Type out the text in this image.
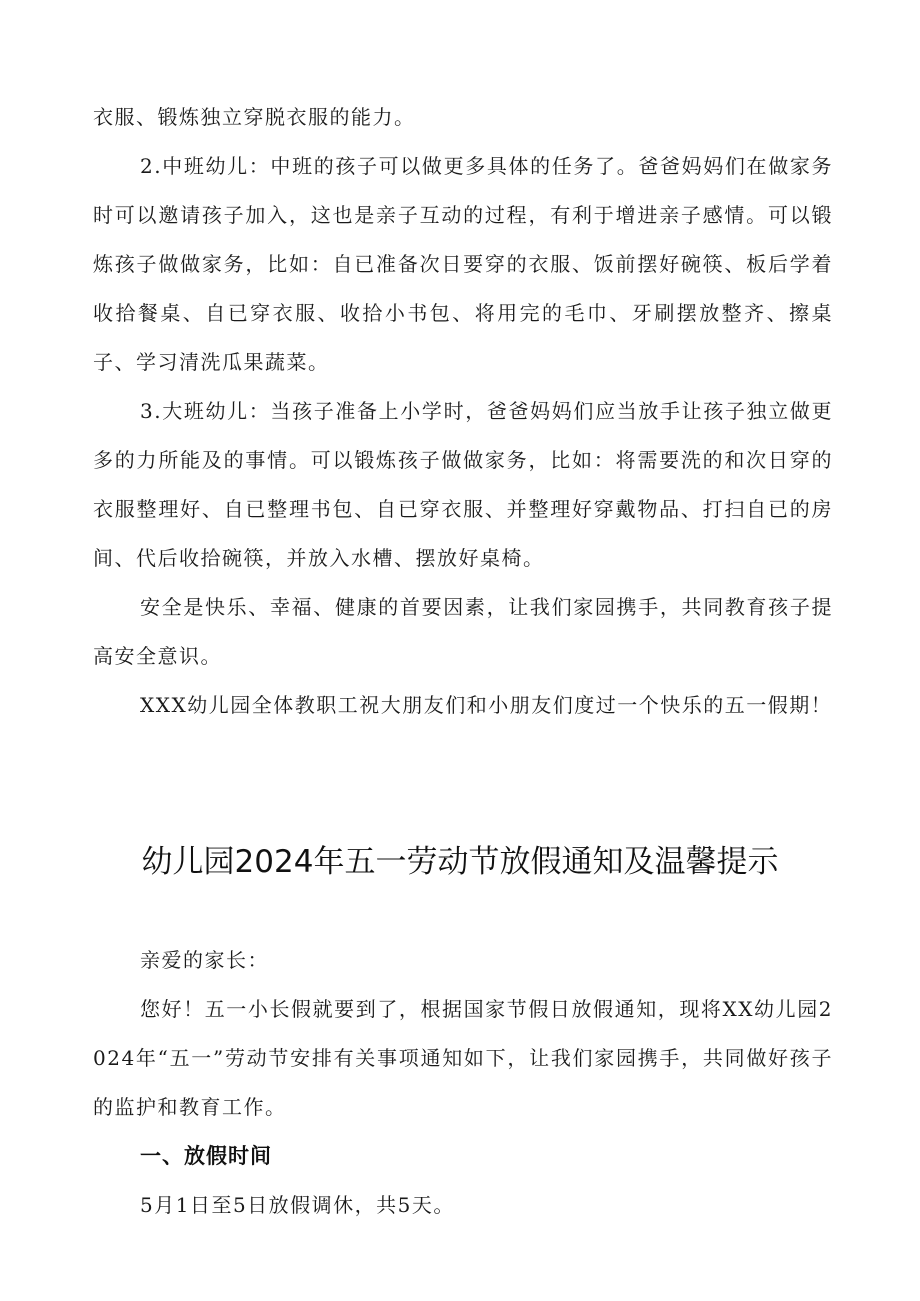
衣服、锻炼独立穿脱衣服的能力。

2.中班幼儿：中班的孩子可以做更多具体的任务了。爸爸妈妈们在做家务时可以邀请孩子加入，这也是亲子互动的过程，有利于增进亲子感情。可以锻炼孩子做做家务，比如：自已准备次日要穿的衣服、饭前摆好碗筷、板后学着收拾餐桌、自已穿衣服、收拾小书包、将用完的毛巾、牙刷摆放整齐、擦桌子、学习清洗瓜果蔬菜。

3.大班幼儿：当孩子准备上小学时，爸爸妈妈们应当放手让孩子独立做更多的力所能及的事情。可以锻炼孩子做做家务，比如：将需要洗的和次日穿的衣服整理好、自已整理书包、自已穿衣服、并整理好穿戴物品、打扫自已的房间、代后收拾碗筷，并放入水槽、摆放好桌椅。

安全是快乐、幸福、健康的首要因素，让我们家园携手，共同教育孩子提高安全意识。

XXX幼儿园全体教职工祝大朋友们和小朋友们度过一个快乐的五一假期！

幼儿园2024年五一劳动节放假通知及温馨提示

亲爱的家长：

您好！五一小长假就要到了，根据国家节假日放假通知，现将XX幼儿园2024年“五一”劳动节安排有关事项通知如下，让我们家园携手，共同做好孩子的监护和教育工作。

一、放假时间

5月1日至5日放假调休，共5天。
